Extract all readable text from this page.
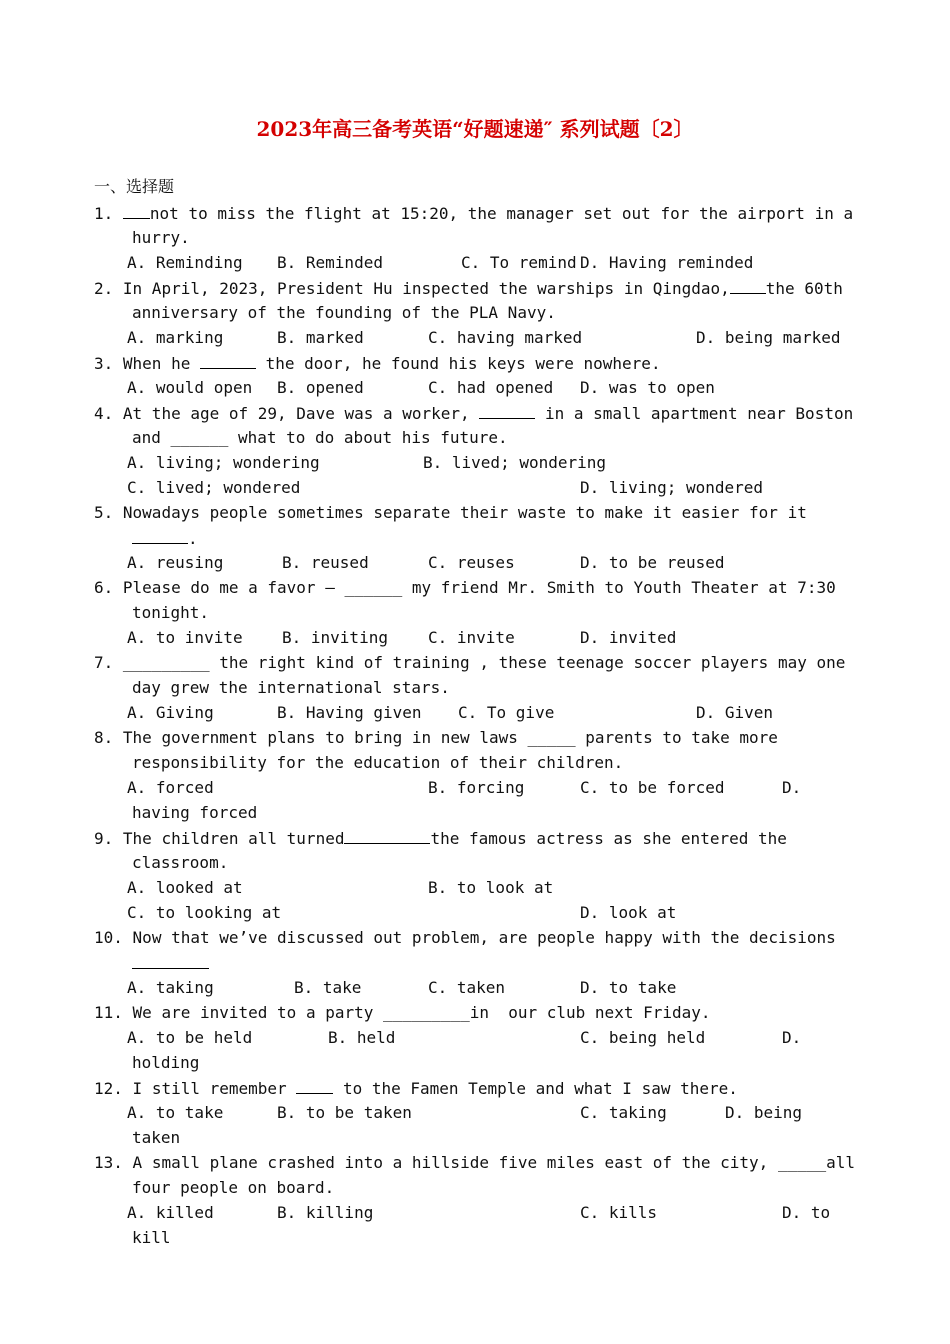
2023年高三备考英语“好题速递″ 系列试题〔2〕
一、选择题
1. not to miss the flight at 15:20, the manager set out for the airport in a
hurry.
A. Reminding B. Reminded	C. To remind D. Having reminded
2. In April, 2023, President Hu inspected the warships in Qingdao, the 60th
anniversary of the founding of the PLA Navy.
A. marking	B. marked	C. having marked	D. being marked
3. When he	the door, he found his keys were nowhere.
A. would open B. opened	C. had opened D. was to open
4. At the age of 29, Dave was a worker,	in a small apartment near Boston
and ______ what to do about his future.
A. living; wondering	B. lived; wondering
C. lived; wondered	D. living; wondered
5. Nowadays people sometimes separate their waste to make it easier for it
.
A. reusing	B. reused	C. reuses	D. to be reused
6. Please do me a favor — ______ my friend Mr. Smith to Youth Theater at 7:30
tonight.
A. to invite B. inviting	C. invite	D. invited
7. _________ the right kind of training , these teenage soccer players may one
day grew the international stars.
A. Giving	B. Having given C. To give	D. Given
8. The government plans to bring in new laws _____ parents to take more
responsibility for the education of their children.
A. forced	B. forcing	C. to be forced	D.
having forced
9. The children all turned	the famous actress as she entered the
classroom.
A. looked at	B. to look at
C. to looking at	D. look at
10. Now that we’ve discussed out problem, are people happy with the decisions
A. taking	B. take	C. taken	D. to take
11. We are invited to a party _________in  our club next Friday.
A. to be held	B. held	C. being held	D.
holding
12. I still remember	to the Famen Temple and what I saw there.
A. to take	B. to be taken	C. taking	D. being
taken
13. A small plane crashed into a hillside five miles east of the city, _____all
four people on board.
A. killed	B. killing	C. kills	D. to
kill
